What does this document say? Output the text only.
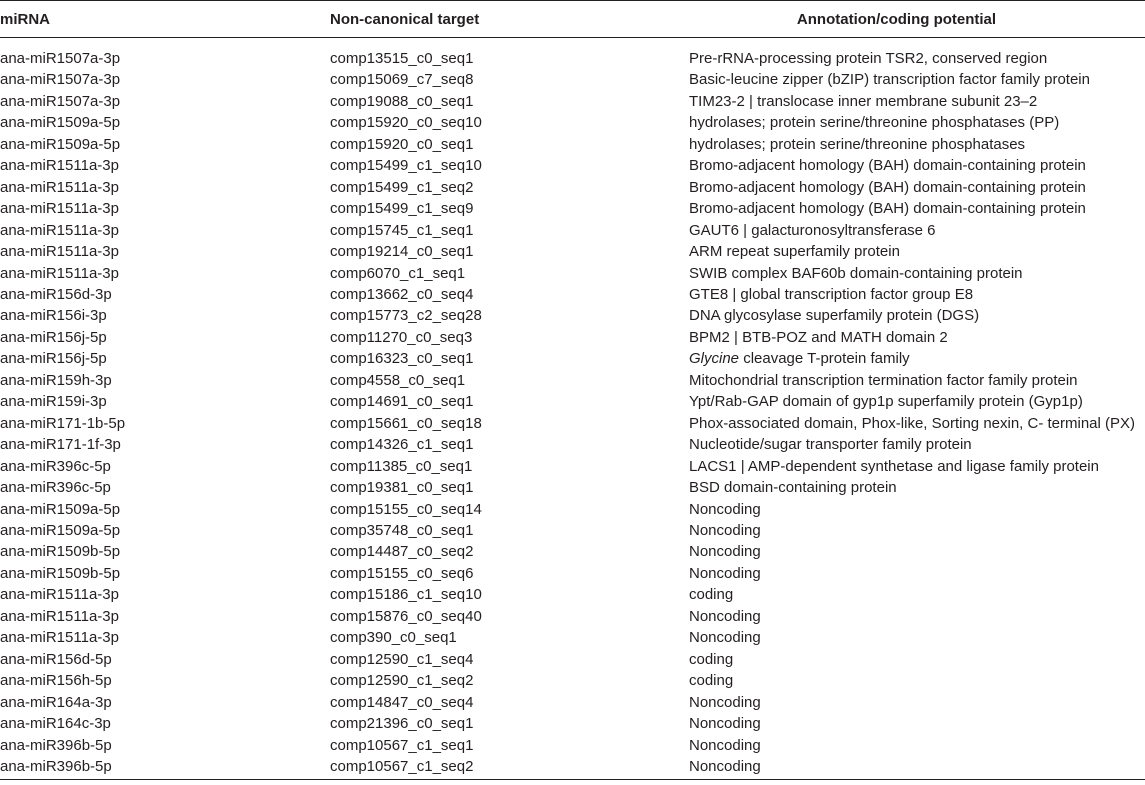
miRNA	Non-canonical target	Annotation/coding potential
ana-miR1507a-3p	comp13515_c0_seq1	Pre-rRNA-processing protein TSR2, conserved region
ana-miR1507a-3p	comp15069_c7_seq8	Basic-leucine zipper (bZIP) transcription factor family protein
ana-miR1507a-3p	comp19088_c0_seq1	TIM23-2 | translocase inner membrane subunit 23–2
ana-miR1509a-5p	comp15920_c0_seq10	hydrolases; protein serine/threonine phosphatases (PP)
ana-miR1509a-5p	comp15920_c0_seq1	hydrolases; protein serine/threonine phosphatases
ana-miR1511a-3p	comp15499_c1_seq10	Bromo-adjacent homology (BAH) domain-containing protein
ana-miR1511a-3p	comp15499_c1_seq2	Bromo-adjacent homology (BAH) domain-containing protein
ana-miR1511a-3p	comp15499_c1_seq9	Bromo-adjacent homology (BAH) domain-containing protein
ana-miR1511a-3p	comp15745_c1_seq1	GAUT6 | galacturonosyltransferase 6
ana-miR1511a-3p	comp19214_c0_seq1	ARM repeat superfamily protein
ana-miR1511a-3p	comp6070_c1_seq1	SWIB complex BAF60b domain-containing protein
ana-miR156d-3p	comp13662_c0_seq4	GTE8 | global transcription factor group E8
ana-miR156i-3p	comp15773_c2_seq28	DNA glycosylase superfamily protein (DGS)
ana-miR156j-5p	comp11270_c0_seq3	BPM2 | BTB-POZ and MATH domain 2
ana-miR156j-5p	comp16323_c0_seq1	Glycine cleavage T-protein family
ana-miR159h-3p	comp4558_c0_seq1	Mitochondrial transcription termination factor family protein
ana-miR159i-3p	comp14691_c0_seq1	Ypt/Rab-GAP domain of gyp1p superfamily protein (Gyp1p)
ana-miR171-1b-5p	comp15661_c0_seq18	Phox-associated domain, Phox-like, Sorting nexin, C- terminal (PX)
ana-miR171-1f-3p	comp14326_c1_seq1	Nucleotide/sugar transporter family protein
ana-miR396c-5p	comp11385_c0_seq1	LACS1 | AMP-dependent synthetase and ligase family protein
ana-miR396c-5p	comp19381_c0_seq1	BSD domain-containing protein
ana-miR1509a-5p	comp15155_c0_seq14	Noncoding
ana-miR1509a-5p	comp35748_c0_seq1	Noncoding
ana-miR1509b-5p	comp14487_c0_seq2	Noncoding
ana-miR1509b-5p	comp15155_c0_seq6	Noncoding
ana-miR1511a-3p	comp15186_c1_seq10	coding
ana-miR1511a-3p	comp15876_c0_seq40	Noncoding
ana-miR1511a-3p	comp390_c0_seq1	Noncoding
ana-miR156d-5p	comp12590_c1_seq4	coding
ana-miR156h-5p	comp12590_c1_seq2	coding
ana-miR164a-3p	comp14847_c0_seq4	Noncoding
ana-miR164c-3p	comp21396_c0_seq1	Noncoding
ana-miR396b-5p	comp10567_c1_seq1	Noncoding
ana-miR396b-5p	comp10567_c1_seq2	Noncoding
